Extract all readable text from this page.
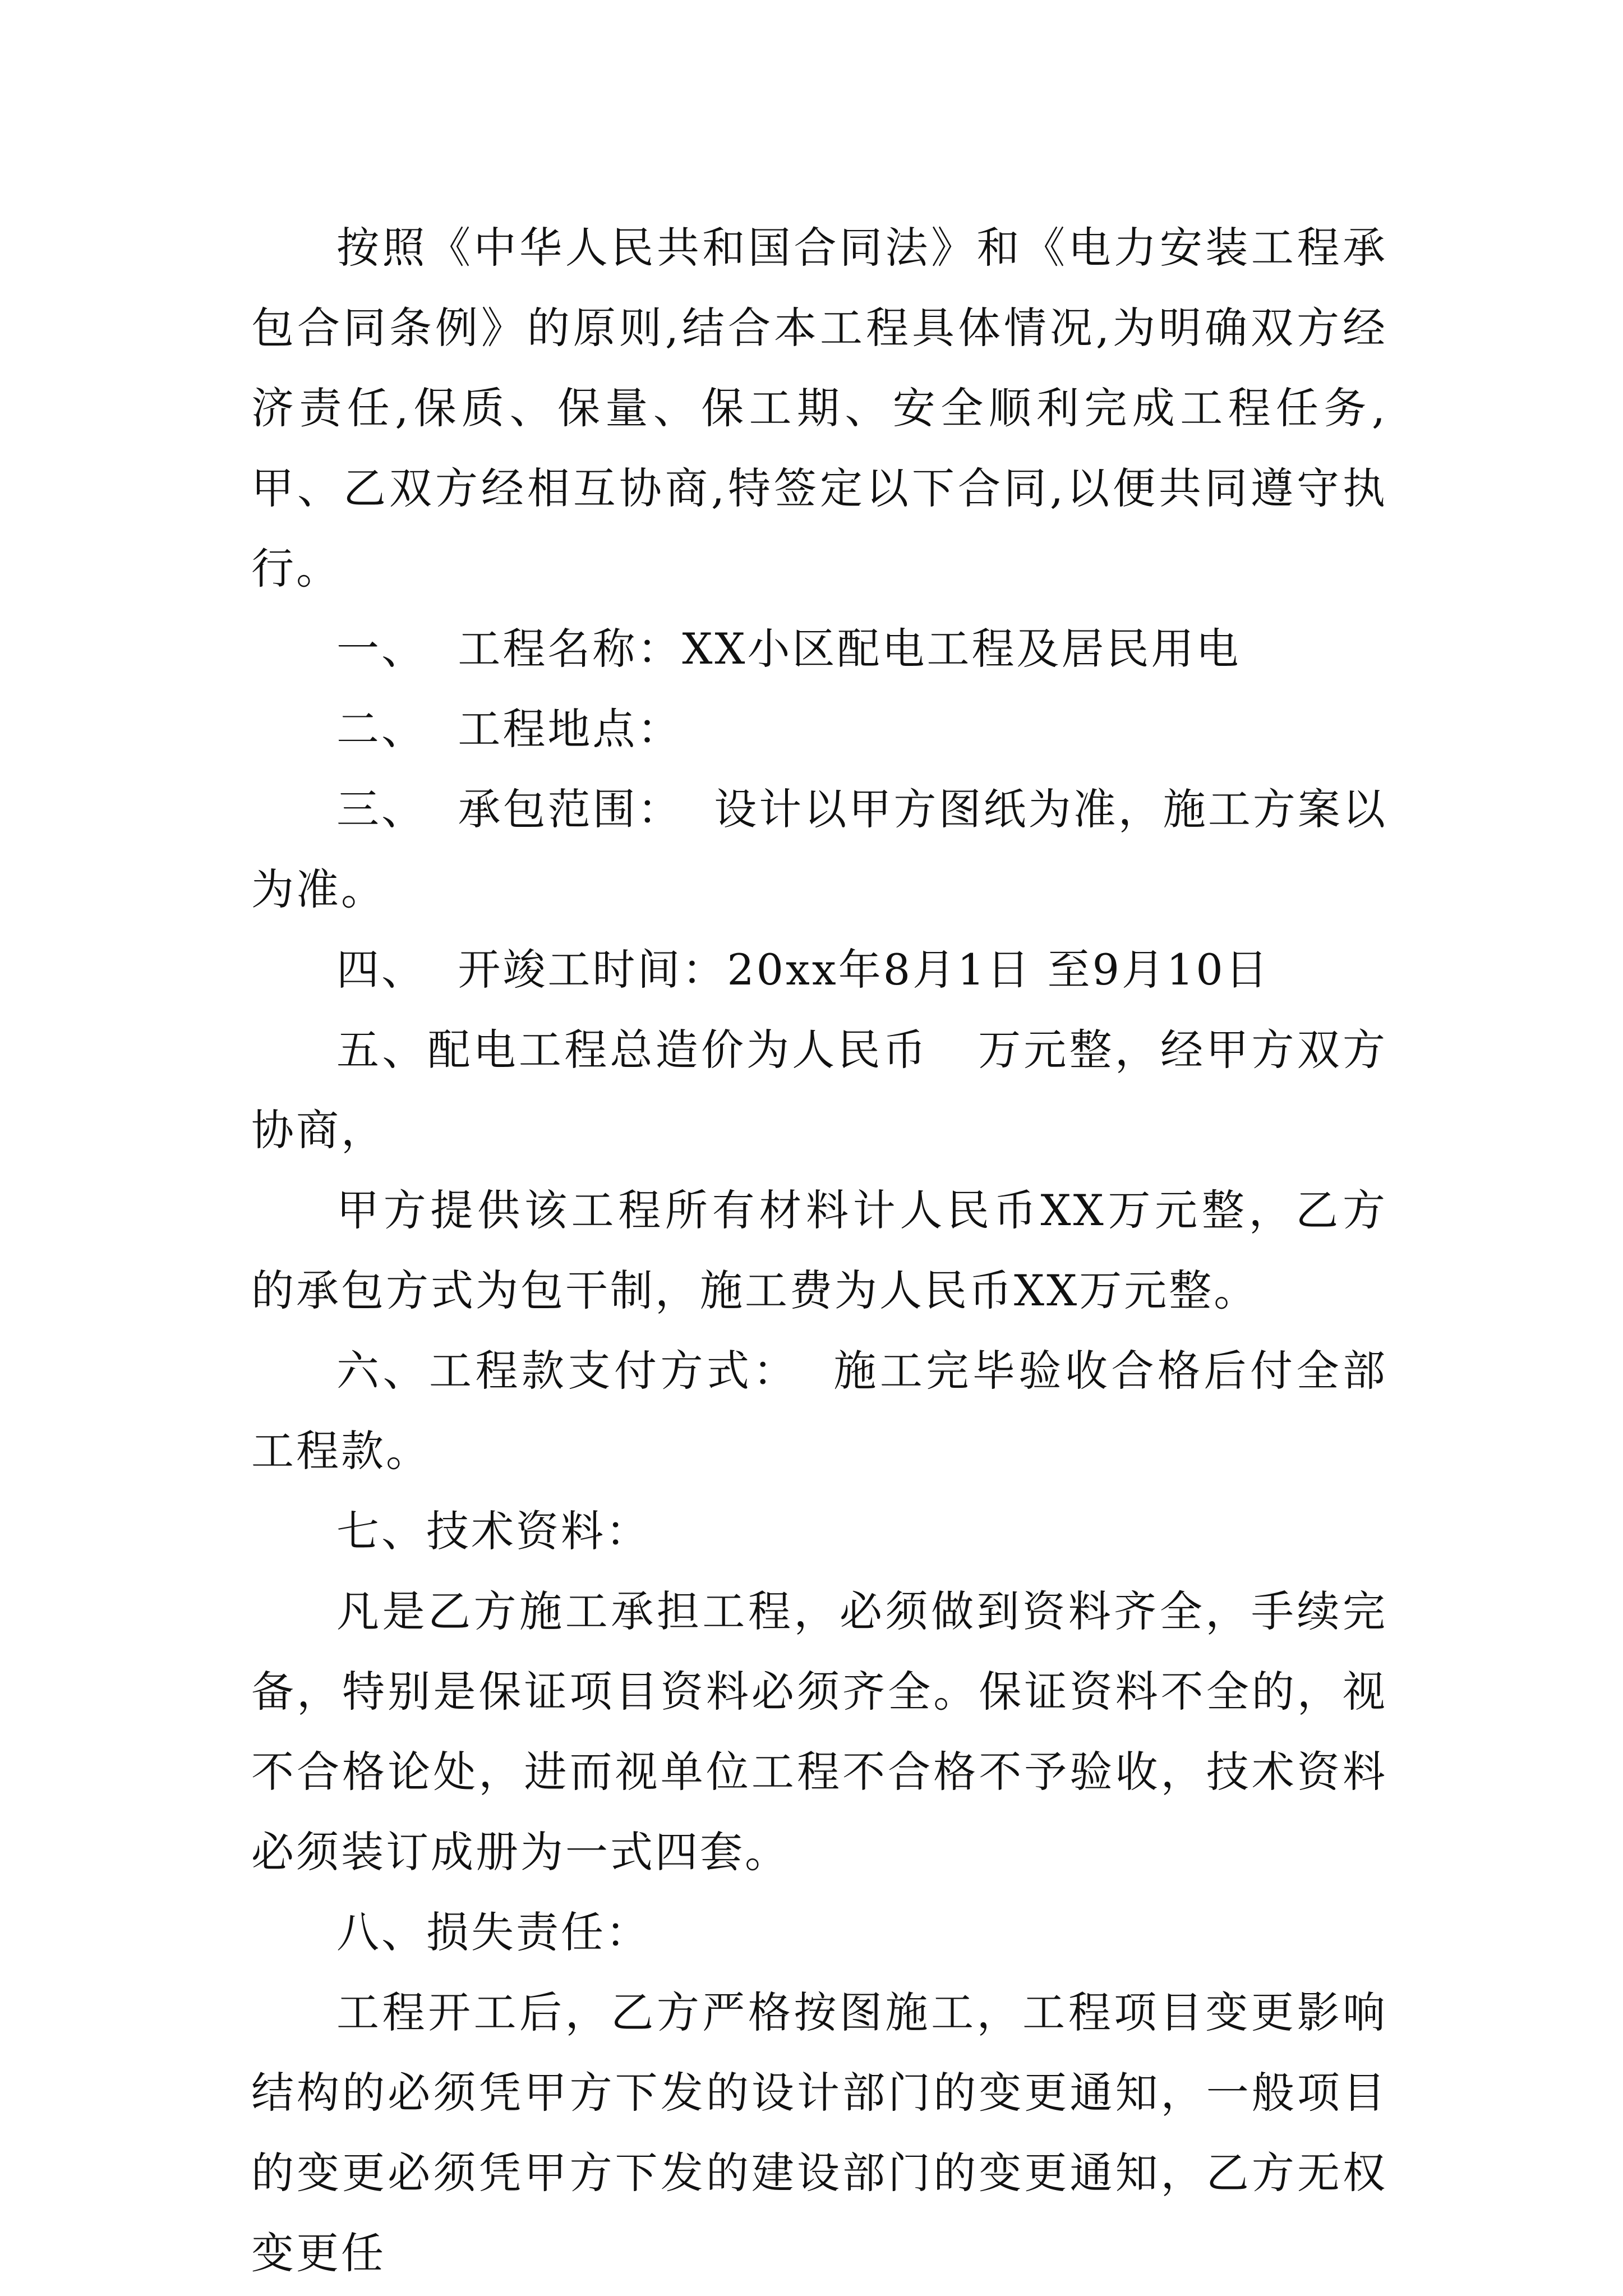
按照《中华人民共和国合同法》和《电力安装工程承包合同条例》的原则,结合本工程具体情况,为明确双方经济责任,保质、保量、保工期、安全顺利完成工程任务,甲、乙双方经相互协商,特签定以下合同,以便共同遵守执行。

一、  工程名称：XX小区配电工程及居民用电

二、  工程地点：

三、  承包范围：  设计以甲方图纸为准，施工方案以为准。

四、  开竣工时间：20xx年8月1日 至9月10日

五、配电工程总造价为人民币   万元整，经甲方双方协商，

甲方提供该工程所有材料计人民币XX万元整，乙方的承包方式为包干制，施工费为人民币XX万元整。

六、工程款支付方式：  施工完毕验收合格后付全部工程款。

七、技术资料：

凡是乙方施工承担工程，必须做到资料齐全，手续完备，特别是保证项目资料必须齐全。保证资料不全的，视不合格论处，进而视单位工程不合格不予验收，技术资料必须装订成册为一式四套。

八、损失责任：

工程开工后，乙方严格按图施工，工程项目变更影响结构的必须凭甲方下发的设计部门的变更通知，一般项目的变更必须凭甲方下发的建设部门的变更通知，乙方无权变更任
